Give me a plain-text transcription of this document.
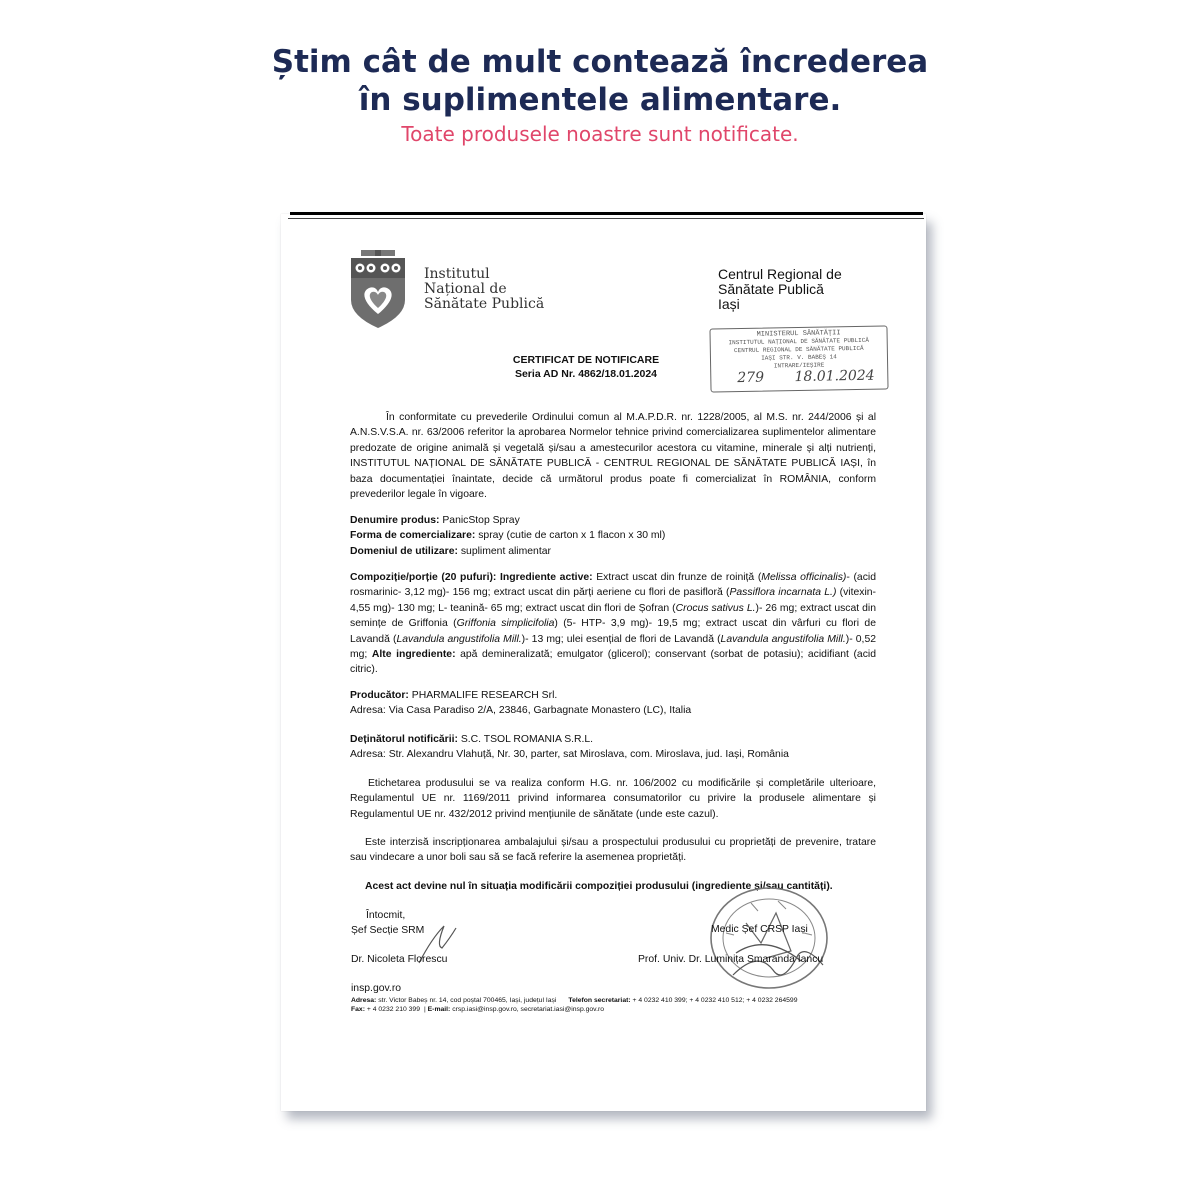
Știm cât de mult contează încrederea
în suplimentele alimentare.
Toate produsele noastre sunt notificate.
Institutul
Național de
Sănătate Publică
Centrul Regional de
Sănătate Publică
Iași
MINISTERUL SĂNĂTĂȚII
INSTITUTUL NAȚIONAL DE SĂNĂTATE PUBLICĂ
CENTRUL REGIONAL DE SĂNĂTATE PUBLICĂ
IAȘI STR. V. BABEȘ 14
INTRARE/IEȘIRE
279 18.01.2024
CERTIFICAT DE NOTIFICARE
Seria AD Nr. 4862/18.01.2024
În conformitate cu prevederile Ordinului comun al M.A.P.D.R. nr. 1228/2005, al M.S. nr. 244/2006 și al A.N.S.V.S.A. nr. 63/2006 referitor la aprobarea Normelor tehnice privind comercializarea suplimentelor alimentare predozate de origine animală și vegetală și/sau a amestecurilor acestora cu vitamine, minerale și alți nutrienți, INSTITUTUL NAȚIONAL DE SĂNĂTATE PUBLICĂ - CENTRUL REGIONAL DE SĂNĂTATE PUBLICĂ IAȘI, în baza documentației înaintate, decide că următorul produs poate fi comercializat în ROMÂNIA, conform prevederilor legale în vigoare.
Denumire produs: PanicStop Spray
Forma de comercializare: spray (cutie de carton x 1 flacon x 30 ml)
Domeniul de utilizare: supliment alimentar
Compoziție/porție (20 pufuri): Ingrediente active: Extract uscat din frunze de roiniță (Melissa officinalis)- (acid rosmarinic- 3,12 mg)- 156 mg; extract uscat din părți aeriene cu flori de pasifloră (Passiflora incarnata L.) (vitexin- 4,55 mg)- 130 mg; L- teanină- 65 mg; extract uscat din flori de Șofran (Crocus sativus L.)- 26 mg; extract uscat din semințe de Griffonia (Griffonia simplicifolia) (5- HTP- 3,9 mg)- 19,5 mg; extract uscat din vârfuri cu flori de Lavandă (Lavandula angustifolia Mill.)- 13 mg; ulei esențial de flori de Lavandă (Lavandula angustifolia Mill.)- 0,52 mg; Alte ingrediente: apă demineralizată; emulgator (glicerol); conservant (sorbat de potasiu); acidifiant (acid citric).
Producător: PHARMALIFE RESEARCH Srl.
Adresa: Via Casa Paradiso 2/A, 23846, Garbagnate Monastero (LC), Italia
Deținătorul notificării: S.C. TSOL ROMANIA S.R.L.
Adresa: Str. Alexandru Vlahuță, Nr. 30, parter, sat Miroslava, com. Miroslava, jud. Iași, România
Etichetarea produsului se va realiza conform H.G. nr. 106/2002 cu modificările și completările ulterioare, Regulamentul UE nr. 1169/2011 privind informarea consumatorilor cu privire la produsele alimentare și Regulamentul UE nr. 432/2012 privind mențiunile de sănătate (unde este cazul).
Este interzisă inscripționarea ambalajului și/sau a prospectului produsului cu proprietăți de prevenire, tratare sau vindecare a unor boli sau să se facă referire la asemenea proprietăți.
Acest act devine nul în situația modificării compoziției produsului (ingrediente și/sau cantități).
Întocmit,
Șef Secție SRM
Dr. Nicoleta Florescu
Medic Șef CRSP Iași
Prof. Univ. Dr. Luminița Smaranda Iancu
insp.gov.ro
Adresa: str. Victor Babeș nr. 14, cod poștal 700465, Iași, județul Iași Telefon secretariat: + 4 0232 410 399; + 4 0232 410 512; + 4 0232 264599
Fax: + 4 0232 210 399 | E-mail: crsp.iasi@insp.gov.ro, secretariat.iasi@insp.gov.ro
